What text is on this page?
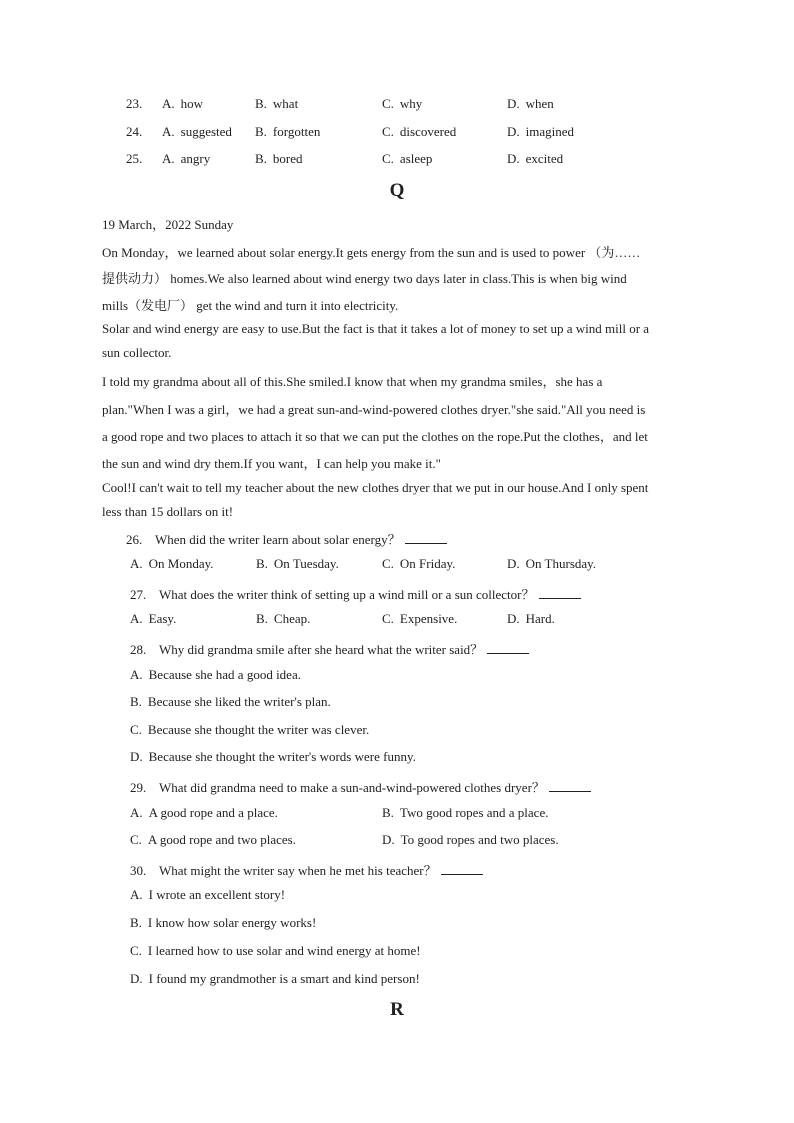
23. A. how	B. what	C. why	D. when
24. A. suggested B. forgotten	C. discovered	D. imagined
25. A. angry	B. bored	C. asleep	D. excited
Q
19 March，2022 Sunday
On Monday，we learned about solar energy.It gets energy from the sun and is used to power （为……
提供动力） homes.We also learned about wind energy two days later in class.This is when big wind
mills（发电厂） get the wind and turn it into electricity.
Solar and wind energy are easy to use.But the fact is that it takes a lot of money to set up a wind mill or a
sun collector.
I told my grandma about all of this.She smiled.I know that when my grandma smiles，she has a
plan."When I was a girl，we had a great sun-and-wind-powered clothes dryer."she said."All you need is
a good rope and two places to attach it so that we can put the clothes on the rope.Put the clothes，and let
the sun and wind dry them.If you want，I can help you make it."
Cool!I can't wait to tell my teacher about the new clothes dryer that we put in our house.And I only spent
less than 15 dollars on it!
26. When did the writer learn about solar energy？
A. On Monday.	B. On Tuesday.	C. On Friday.	D. On Thursday.
27. What does the writer think of setting up a wind mill or a sun collector？
A. Easy.	B. Cheap.	C. Expensive.	D. Hard.
28. Why did grandma smile after she heard what the writer said？
A. Because she had a good idea.
B. Because she liked the writer's plan.
C. Because she thought the writer was clever.
D. Because she thought the writer's words were funny.
29. What did grandma need to make a sun-and-wind-powered clothes dryer？
A. A good rope and a place.	B. Two good ropes and a place.
C. A good rope and two places.	D. To good ropes and two places.
30. What might the writer say when he met his teacher？
A. I wrote an excellent story!
B. I know how solar energy works!
C. I learned how to use solar and wind energy at home!
D. I found my grandmother is a smart and kind person!
R
